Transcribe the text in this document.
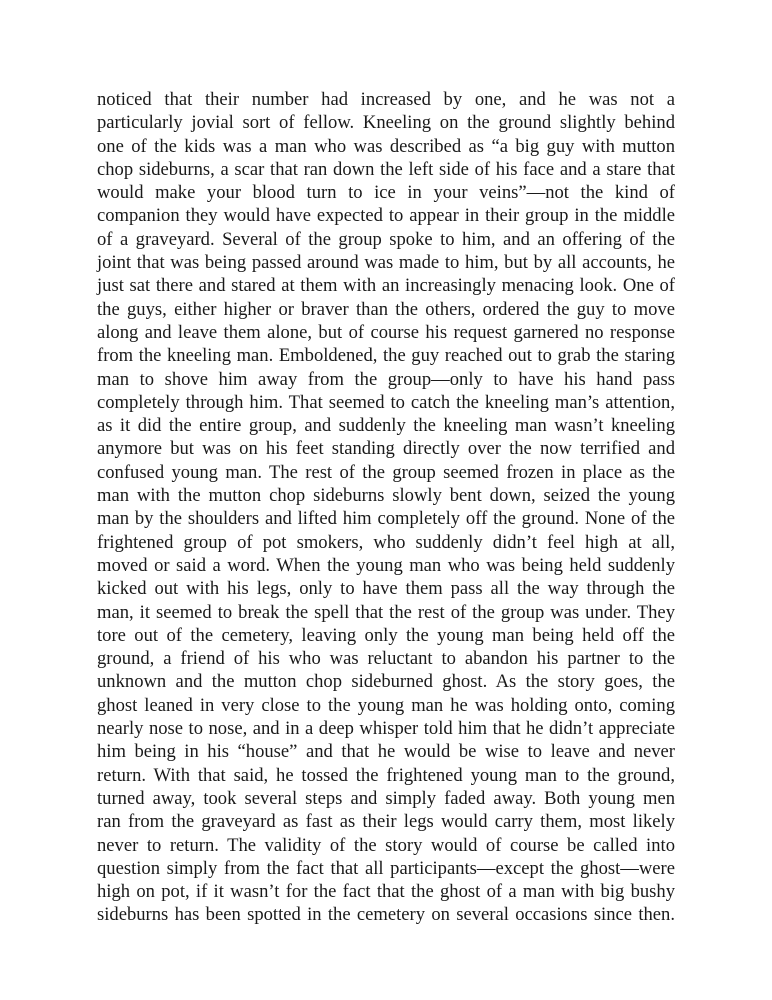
noticed that their number had increased by one, and he was not a
particularly jovial sort of fellow. Kneeling on the ground slightly behind
one of the kids was a man who was described as “a big guy with mutton
chop sideburns, a scar that ran down the left side of his face and a stare that
would make your blood turn to ice in your veins”—not the kind of
companion they would have expected to appear in their group in the middle
of a graveyard. Several of the group spoke to him, and an offering of the
joint that was being passed around was made to him, but by all accounts, he
just sat there and stared at them with an increasingly menacing look. One of
the guys, either higher or braver than the others, ordered the guy to move
along and leave them alone, but of course his request garnered no response
from the kneeling man. Emboldened, the guy reached out to grab the staring
man to shove him away from the group—only to have his hand pass
completely through him. That seemed to catch the kneeling man’s attention,
as it did the entire group, and suddenly the kneeling man wasn’t kneeling
anymore but was on his feet standing directly over the now terrified and
confused young man. The rest of the group seemed frozen in place as the
man with the mutton chop sideburns slowly bent down, seized the young
man by the shoulders and lifted him completely off the ground. None of the
frightened group of pot smokers, who suddenly didn’t feel high at all,
moved or said a word. When the young man who was being held suddenly
kicked out with his legs, only to have them pass all the way through the
man, it seemed to break the spell that the rest of the group was under. They
tore out of the cemetery, leaving only the young man being held off the
ground, a friend of his who was reluctant to abandon his partner to the
unknown and the mutton chop sideburned ghost. As the story goes, the
ghost leaned in very close to the young man he was holding onto, coming
nearly nose to nose, and in a deep whisper told him that he didn’t appreciate
him being in his “house” and that he would be wise to leave and never
return. With that said, he tossed the frightened young man to the ground,
turned away, took several steps and simply faded away. Both young men
ran from the graveyard as fast as their legs would carry them, most likely
never to return. The validity of the story would of course be called into
question simply from the fact that all participants—except the ghost—were
high on pot, if it wasn’t for the fact that the ghost of a man with big bushy
sideburns has been spotted in the cemetery on several occasions since then.
